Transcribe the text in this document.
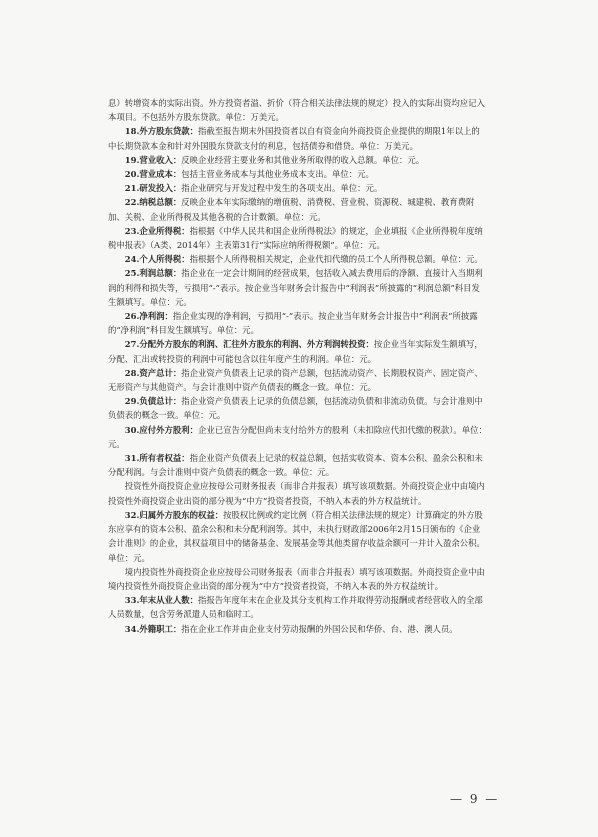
息）转增资本的实际出资。外方投资者溢、折价（符合相关法律法规的规定）投入的实际出资均应记入本项目。不包括外方股东贷款。单位：万美元。

18.外方股东贷款：指截至报告期末外国投资者以自有资金向外商投资企业提供的期限1年以上的中长期贷款本金和针对外国股东贷款支付的利息，包括债券和借贷。单位：万美元。

19.营业收入：反映企业经营主要业务和其他业务所取得的收入总额。单位：元。

20.营业成本：包括主营业务成本与其他业务成本支出。单位：元。

21.研发投入：指企业研究与开发过程中发生的各项支出。单位：元。

22.纳税总额：反映企业本年实际缴纳的增值税、消费税、营业税、资源税、城建税、教育费附加、关税、企业所得税及其他各税的合计数额。单位：元。

23.企业所得税：指根据《中华人民共和国企业所得税法》的规定，企业填报《企业所得税年度纳税申报表》（A类、2014年）主表第31行“实际应纳所得税额”。单位：元。

24.个人所得税：指根据个人所得税相关规定，企业代扣代缴的员工个人所得税总额。单位：元。

25.利润总额：指企业在一定会计期间的经营成果，包括收入减去费用后的净额、直接计入当期利润的利得和损失等，亏损用“-”表示。按企业当年财务会计报告中“利润表”所披露的“利润总额”科目发生额填写。单位：元。

26.净利润：指企业实现的净利润，亏损用“-”表示。按企业当年财务会计报告中“利润表”所披露的“净利润”科目发生额填写。单位：元。

27.分配外方股东的利润、汇往外方股东的利润、外方利润转投资：按企业当年实际发生额填写，分配、汇出或转投资的利润中可能包含以往年度产生的利润。单位：元。

28.资产总计：指企业资产负债表上记录的资产总额，包括流动资产、长期股权资产、固定资产、无形资产与其他资产。与会计准则中资产负债表的概念一致。单位：元。

29.负债总计：指企业资产负债表上记录的负债总额，包括流动负债和非流动负债。与会计准则中负债表的概念一致。单位：元。

30.应付外方股利：企业已宣告分配但尚未支付给外方的股利（未扣除应代扣代缴的税款）。单位：元。

31.所有者权益：指企业资产负债表上记录的权益总额，包括实收资本、资本公积、盈余公积和未分配利润。与会计准则中资产负债表的概念一致。单位：元。

投资性外商投资企业应按母公司财务报表（而非合并报表）填写该项数据。外商投资企业中由境内投资性外商投资企业出资的部分视为“中方”投资者投资，不纳入本表的外方权益统计。

32.归属外方股东的权益：按股权比例或约定比例（符合相关法律法规的规定）计算确定的外方股东应享有的资本公积、盈余公积和未分配利润等。其中，未执行财政部2006年2月15日颁布的《企业会计准则》的企业，其权益项目中的储备基金、发展基金等其他类留存收益余额可一并计入盈余公积。单位：元。

境内投资性外商投资企业应按母公司财务报表（而非合并报表）填写该项数据。外商投资企业中由境内投资性外商投资企业出资的部分视为“中方”投资者投资，不纳入本表的外方权益统计。

33.年末从业人数：指报告年度年末在企业及其分支机构工作并取得劳动报酬或者经营收入的全部人员数量，包含劳务派遣人员和临时工。

34.外籍职工：指在企业工作并由企业支付劳动报酬的外国公民和华侨、台、港、澳人员。

— 9 —
